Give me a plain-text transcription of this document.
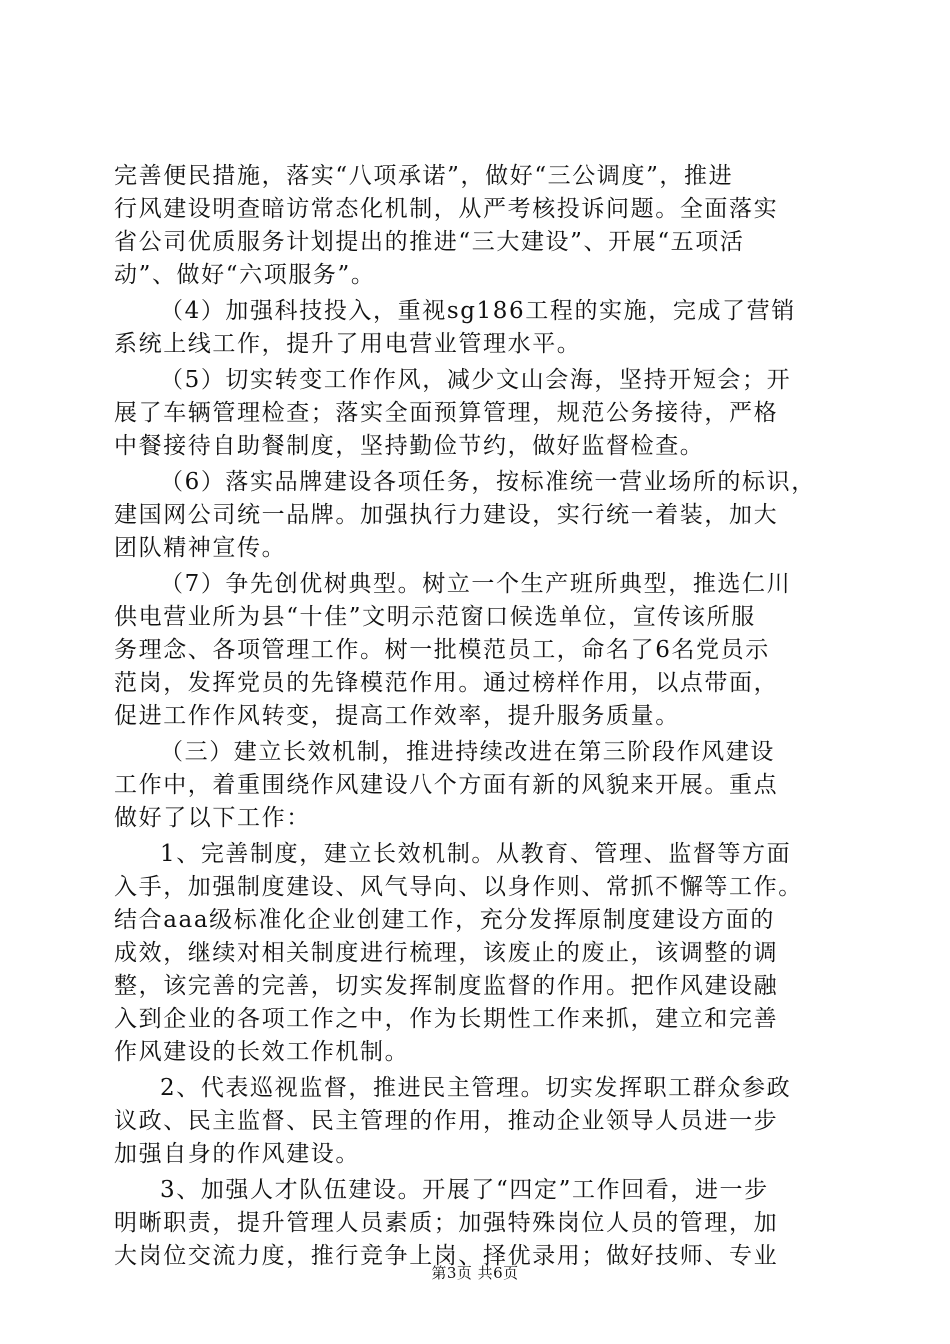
完善便民措施，落实“八项承诺”，做好“三公调度”，推进
行风建设明查暗访常态化机制，从严考核投诉问题。全面落实
省公司优质服务计划提出的推进“三大建设”、开展“五项活
动”、做好“六项服务”。
（4）加强科技投入，重视sg186工程的实施，完成了营销
系统上线工作，提升了用电营业管理水平。
（5）切实转变工作作风，减少文山会海，坚持开短会；开
展了车辆管理检查；落实全面预算管理，规范公务接待，严格
中餐接待自助餐制度，坚持勤俭节约，做好监督检查。
（6）落实品牌建设各项任务，按标准统一营业场所的标识，
建国网公司统一品牌。加强执行力建设，实行统一着装，加大
团队精神宣传。
（7）争先创优树典型。树立一个生产班所典型，推选仁川
供电营业所为县“十佳”文明示范窗口候选单位，宣传该所服
务理念、各项管理工作。树一批模范员工，命名了6名党员示
范岗，发挥党员的先锋模范作用。通过榜样作用，以点带面，
促进工作作风转变，提高工作效率，提升服务质量。
（三）建立长效机制，推进持续改进在第三阶段作风建设
工作中，着重围绕作风建设八个方面有新的风貌来开展。重点
做好了以下工作：
1、完善制度，建立长效机制。从教育、管理、监督等方面
入手，加强制度建设、风气导向、以身作则、常抓不懈等工作。
结合aaa级标准化企业创建工作，充分发挥原制度建设方面的
成效，继续对相关制度进行梳理，该废止的废止，该调整的调
整，该完善的完善，切实发挥制度监督的作用。把作风建设融
入到企业的各项工作之中，作为长期性工作来抓，建立和完善
作风建设的长效工作机制。
2、代表巡视监督，推进民主管理。切实发挥职工群众参政
议政、民主监督、民主管理的作用，推动企业领导人员进一步
加强自身的作风建设。
3、加强人才队伍建设。开展了“四定”工作回看，进一步
明晰职责，提升管理人员素质；加强特殊岗位人员的管理，加
大岗位交流力度，推行竞争上岗、择优录用；做好技师、专业
第3页 共6页
